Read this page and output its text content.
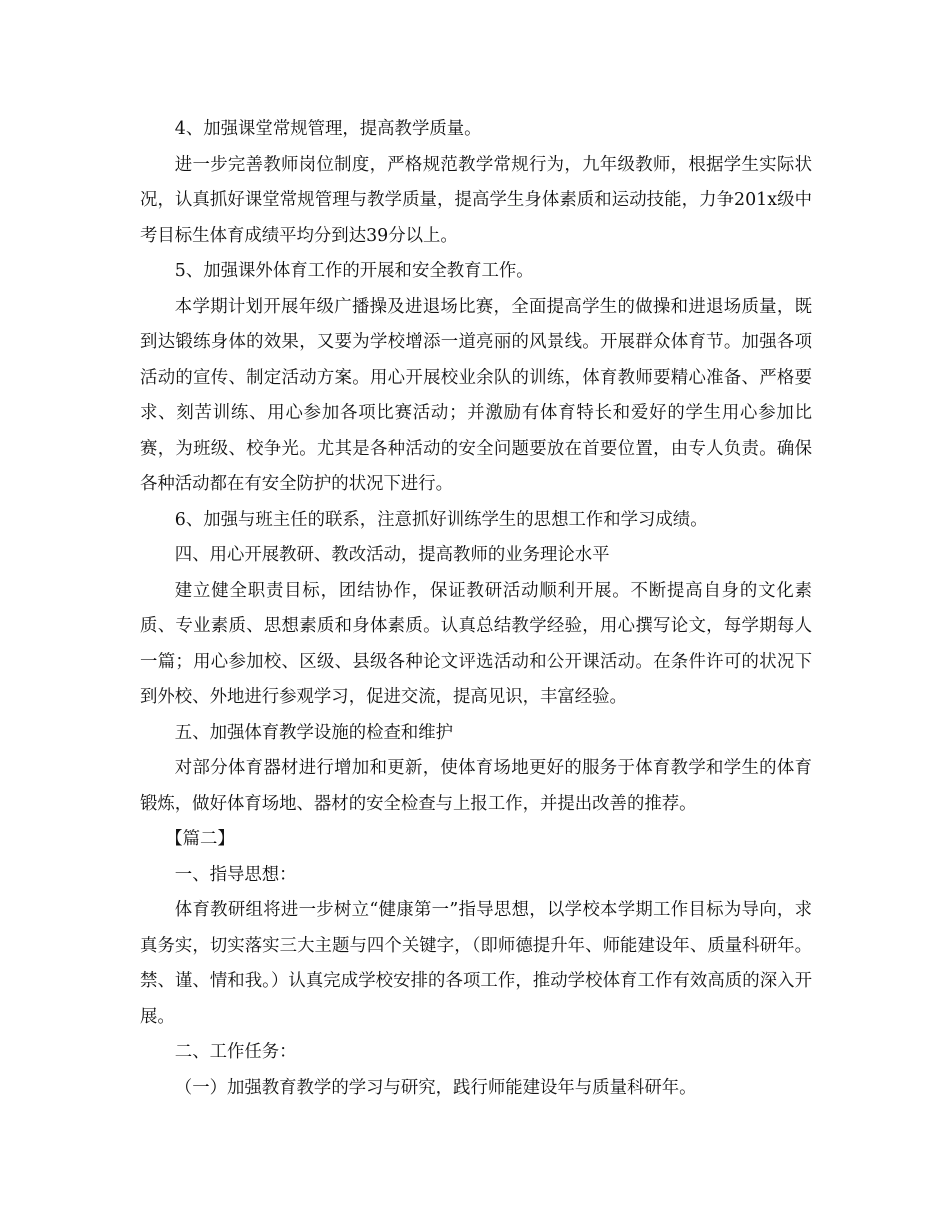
4、加强课堂常规管理，提高教学质量。

进一步完善教师岗位制度，严格规范教学常规行为，九年级教师，根据学生实际状况，认真抓好课堂常规管理与教学质量，提高学生身体素质和运动技能，力争201x级中考目标生体育成绩平均分到达39分以上。

5、加强课外体育工作的开展和安全教育工作。

本学期计划开展年级广播操及进退场比赛，全面提高学生的做操和进退场质量，既到达锻练身体的效果，又要为学校增添一道亮丽的风景线。开展群众体育节。加强各项活动的宣传、制定活动方案。用心开展校业余队的训练，体育教师要精心准备、严格要求、刻苦训练、用心参加各项比赛活动；并激励有体育特长和爱好的学生用心参加比赛，为班级、校争光。尤其是各种活动的安全问题要放在首要位置，由专人负责。确保各种活动都在有安全防护的状况下进行。

6、加强与班主任的联系，注意抓好训练学生的思想工作和学习成绩。

四、用心开展教研、教改活动，提高教师的业务理论水平

建立健全职责目标，团结协作，保证教研活动顺利开展。不断提高自身的文化素质、专业素质、思想素质和身体素质。认真总结教学经验，用心撰写论文，每学期每人一篇；用心参加校、区级、县级各种论文评选活动和公开课活动。在条件许可的状况下到外校、外地进行参观学习，促进交流，提高见识，丰富经验。

五、加强体育教学设施的检查和维护

对部分体育器材进行增加和更新，使体育场地更好的服务于体育教学和学生的体育锻炼，做好体育场地、器材的安全检查与上报工作，并提出改善的推荐。

【篇二】

一、指导思想：

体育教研组将进一步树立“健康第一”指导思想，以学校本学期工作目标为导向，求真务实，切实落实三大主题与四个关键字，（即师德提升年、师能建设年、质量科研年。禁、谨、情和我。）认真完成学校安排的各项工作，推动学校体育工作有效高质的深入开展。

二、工作任务：

（一）加强教育教学的学习与研究，践行师能建设年与质量科研年。
